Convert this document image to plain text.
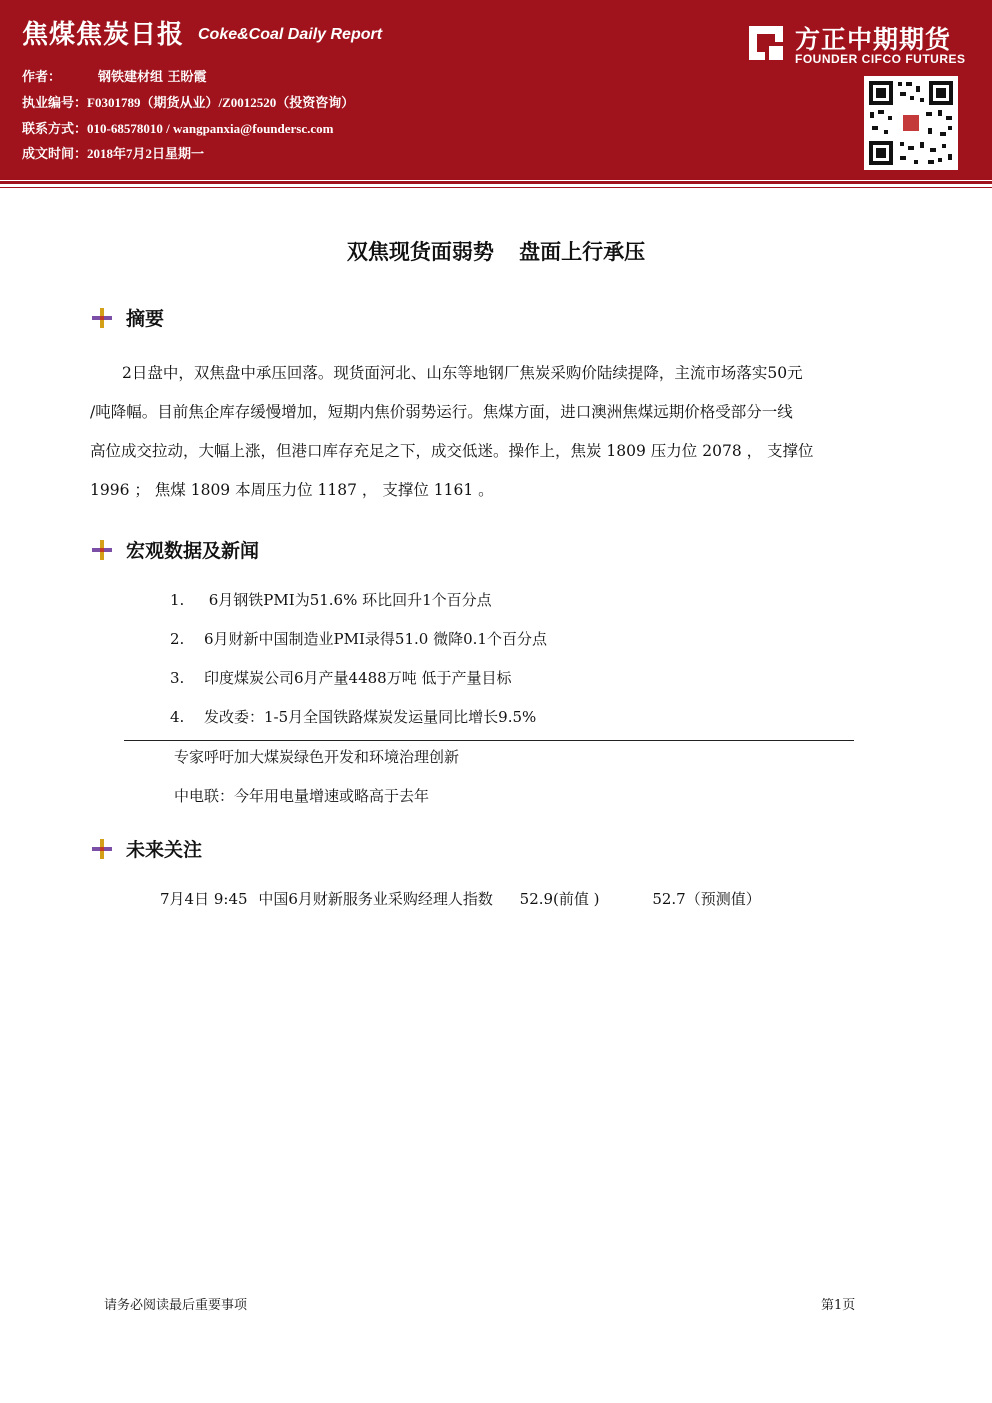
焦煤焦炭日报 Coke&Coal Daily Report
作者：	钢铁建材组 王盼霞
执业编号：F0301789（期货从业）/Z0012520（投资咨询）
联系方式：010-68578010 / wangpanxia@foundersc.com
成文时间：2018年7月2日星期一
方正中期期货
FOUNDER CIFCO FUTURES
双焦现货面弱势 盘面上行承压
摘要

2日盘中，双焦盘中承压回落。现货面河北、山东等地钢厂焦炭采购价陆续提降，主流市场落实50元

/吨降幅。目前焦企库存缓慢增加，短期内焦价弱势运行。焦煤方面，进口澳洲焦煤远期价格受部分一线

高位成交拉动，大幅上涨，但港口库存充足之下，成交低迷。操作上，焦炭 1809 压力位 2078 ， 支撑位

1996 ； 焦煤 1809 本周压力位 1187 ， 支撑位 1161 。

宏观数据及新闻
1. 6月钢铁PMI为51.6% 环比回升1个百分点
2. 6月财新中国制造业PMI录得51.0 微降0.1个百分点
3. 印度煤炭公司6月产量4488万吨 低于产量目标
4. 发改委：1-5月全国铁路煤炭发运量同比增长9.5%
专家呼吁加大煤炭绿色开发和环境治理创新
中电联：今年用电量增速或略高于去年
未来关注
7月4日 9:45 中国6月财新服务业采购经理人指数 52.9(前值 )	52.7（预测值）
请务必阅读最后重要事项	第1页
